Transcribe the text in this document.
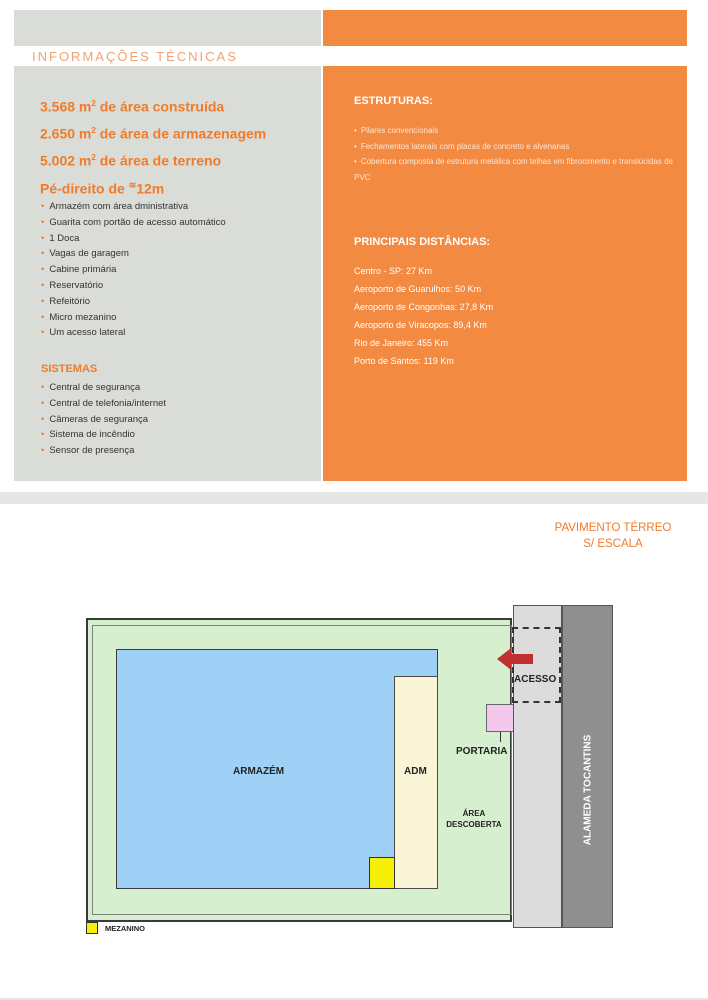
INFORMAÇÕES TÉCNICAS
3.568 $m^2$ de área construída
2.650 $m^2$ de área de armazenagem
5.002 $m^2$ de área de terreno
Pé-direito de ≅12m
• Armazém com área dministrativa
• Guarita com portão de acesso automático
• 1 Doca
• Vagas de garagem
• Cabine primária
• Reservatório
• Refeitório
• Micro mezanino
• Um acesso lateral
SISTEMAS
• Central de segurança
• Central de telefonia/internet
• Câmeras de segurança
• Sistema de incêndio
• Sensor de presença
ESTRUTURAS:
• Pilares convencionais
• Fechamentos laterais com placas de concreto e alvenarias
• Cobertura composta de estrutura metálica com telhas em fibrocimento e translúcidas de PVC
PRINCIPAIS DISTÂNCIAS:
Centro - SP: 27 Km
Aeroporto de Guarulhos: 50 Km
Aeroporto de Congonhas: 27,8 Km
Aeroporto de Viracopos: 89,4 Km
Rio de Janeiro: 455 Km
Porto de Santos: 119 Km
PAVIMENTO TÉRREO
S/ ESCALA
ARMAZÉM	ADM
PORTARIA
ACESSO
ÁREA
DESCOBERTA	ALAMEDA TOCANTINS
MEZANINO
